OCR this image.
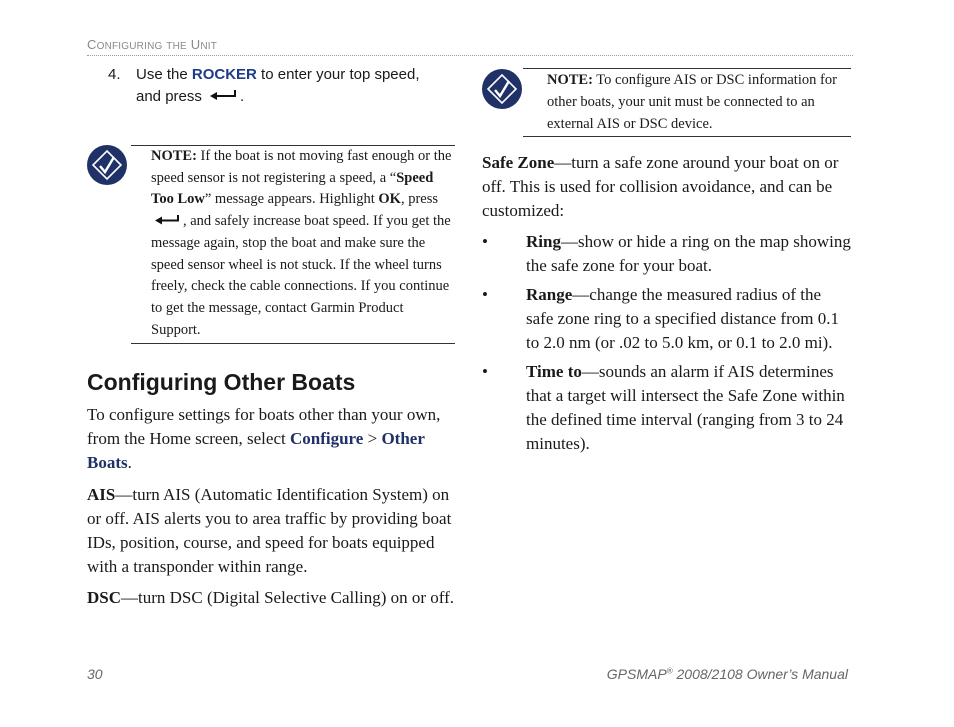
CONFIGURING THE UNIT
4. Use the ROCKER to enter your top speed, and press .
NOTE: If the boat is not moving fast enough or the speed sensor is not registering a speed, a “Speed Too Low” message appears. Highlight OK, press , and safely increase boat speed. If you get the message again, stop the boat and make sure the speed sensor wheel is not stuck. If the wheel turns freely, check the cable connections. If you continue to get the message, contact Garmin Product Support.
Configuring Other Boats
To configure settings for boats other than your own, from the Home screen, select Configure > Other Boats.
AIS—turn AIS (Automatic Identification System) on or off. AIS alerts you to area traffic by providing boat IDs, position, course, and speed for boats equipped with a transponder within range.
DSC—turn DSC (Digital Selective Calling) on or off.
NOTE: To configure AIS or DSC information for other boats, your unit must be connected to an external AIS or DSC device.
Safe Zone—turn a safe zone around your boat on or off. This is used for collision avoidance, and can be customized:
• Ring—show or hide a ring on the map showing the safe zone for your boat.
• Range—change the measured radius of the safe zone ring to a specified distance from 0.1 to 2.0 nm (or .02 to 5.0 km, or 0.1 to 2.0 mi).
• Time to—sounds an alarm if AIS determines that a target will intersect the Safe Zone within the defined time interval (ranging from 3 to 24 minutes).
30	GPSMAP® 2008/2108 Owner’s Manual
